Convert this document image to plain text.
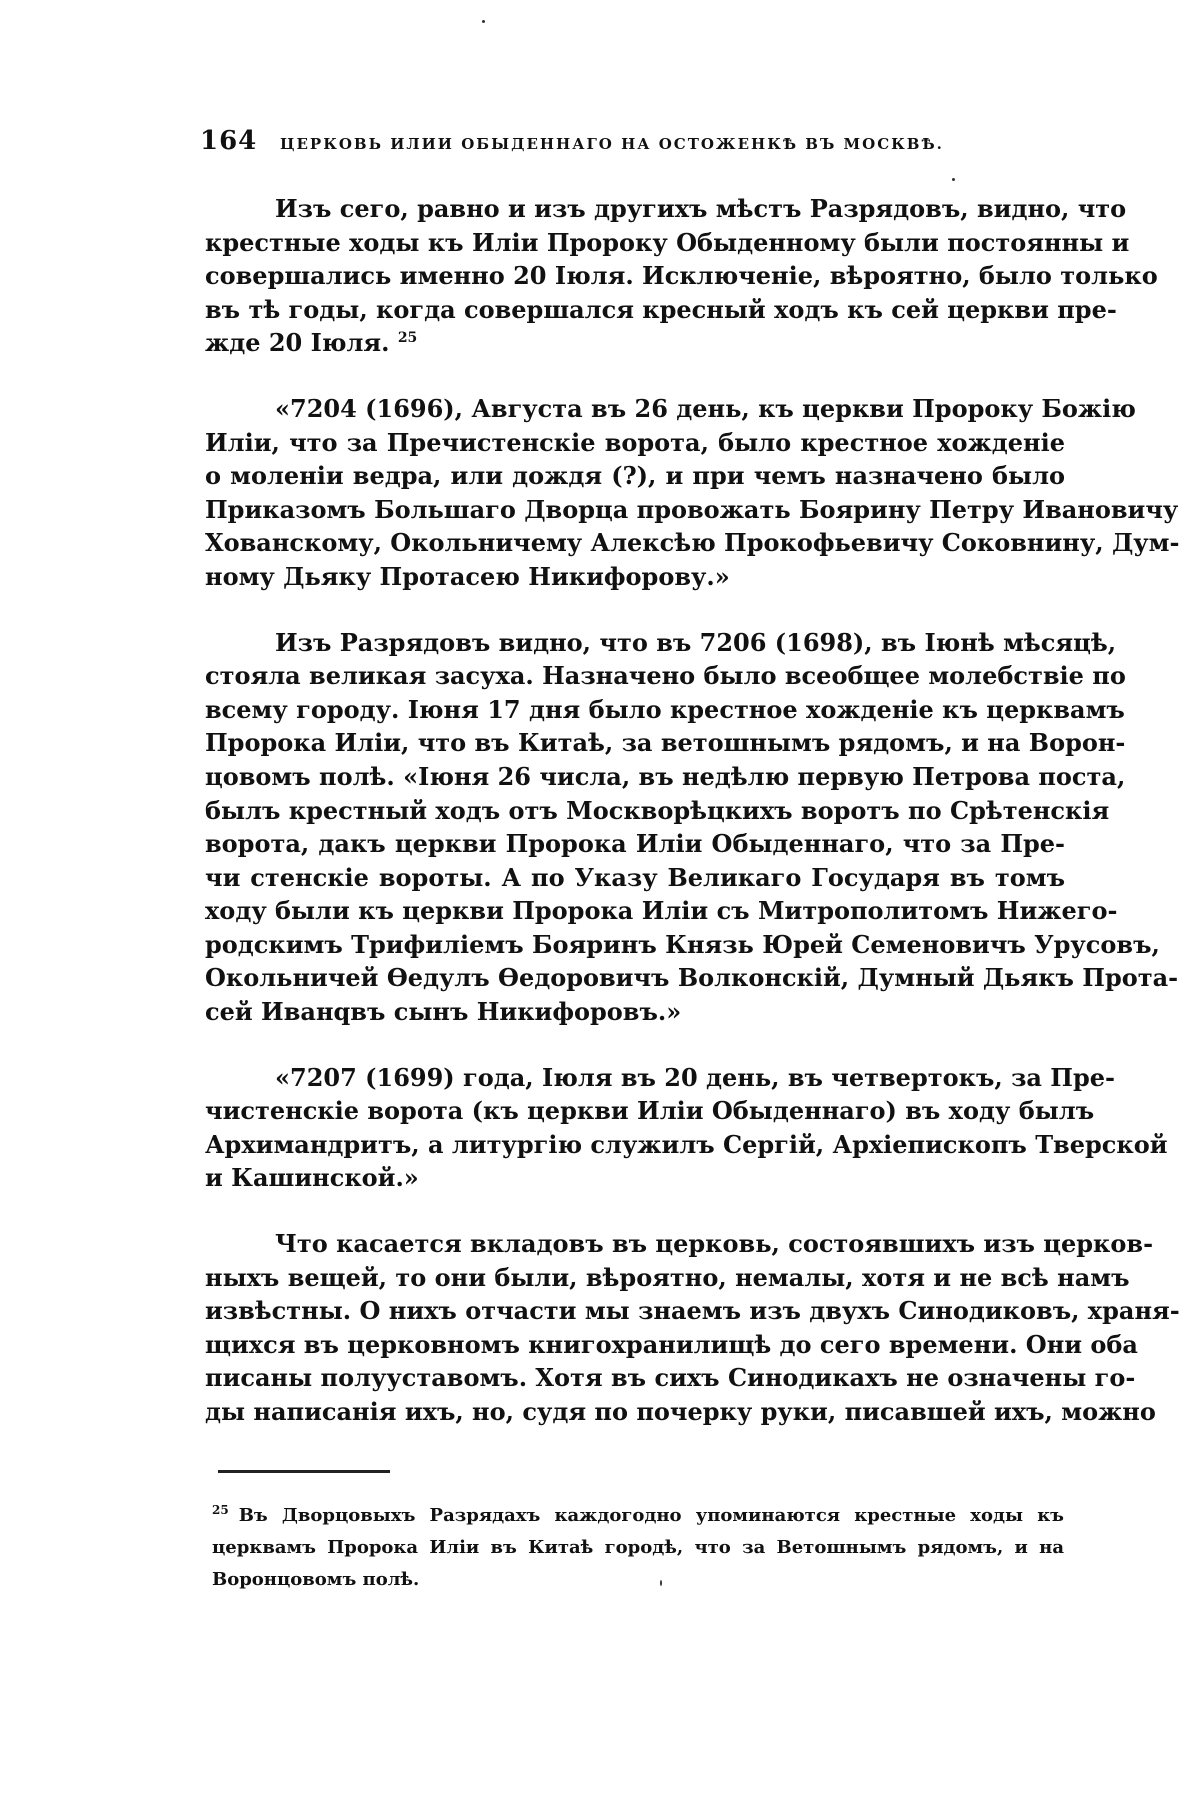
164	ЦЕРКОВЬ ИЛИИ ОБЫДЕННАГО НА ОСТОЖЕНКѢ ВЪ МОСКВѢ.
Изъ сего, равно и изъ другихъ мѣстъ Разрядовъ, видно, что
крестные ходы къ Иліи Пророку Обыденному были постоянны и
совершались именно 20 Іюля. Исключеніе, вѣроятно, было только
въ тѣ годы, когда совершался кресный ходъ къ сей церкви пре-
жде 20 Іюля. $^{25}$
«7204 (1696), Августа въ 26 день, къ церкви Пророку Божію
Иліи, что за Пречистенскіе ворота, было крестное хожденіе
о моленіи ведра, или дождя (?), и при чемъ назначено было
Приказомъ Большаго Дворца провожать Боярину Петру Ивановичу
Хованскому, Окольничему Алексѣю Прокофьевичу Соковнину, Дум-
ному Дьяку Протасею Никифорову.»
Изъ Разрядовъ видно, что въ 7206 (1698), въ Іюнѣ мѣсяцѣ,
стояла великая засуха. Назначено было всеобщее молебствіе по
всему городу. Іюня 17 дня было крестное хожденіе къ церквамъ
Пророка Иліи, что въ Китаѣ, за ветошнымъ рядомъ, и на Ворон-
цовомъ полѣ. «Іюня 26 числа, въ недѣлю первую Петрова поста,
былъ крестный ходъ отъ Москворѣцкихъ воротъ по Срѣтенскія
ворота, дакъ церкви Пророка Иліи Обыденнаго, что за Пре-
чи стенскіе вороты. А по Указу Великаго Государя въ томъ
ходу были къ церкви Пророка Иліи съ Митрополитомъ Нижего-
родскимъ Трифиліемъ Бояринъ Князь Юрей Семеновичъ Урусовъ,
Окольничей Ѳедулъ Ѳедоровичъ Волконскій, Думный Дьякъ Прота-
сей Иванqвъ сынъ Никифоровъ.»
«7207 (1699) года, Іюля въ 20 день, въ четвертокъ, за Пре-
чистенскіе ворота (къ церкви Иліи Обыденнаго) въ ходу былъ
Архимандритъ, а литургію служилъ Сергій, Архіепископъ Тверской
и Кашинской.»
Что касается вкладовъ въ церковь, состоявшихъ изъ церков-
ныхъ вещей, то они были, вѣроятно, немалы, хотя и не всѣ намъ
извѣстны. О нихъ отчасти мы знаемъ изъ двухъ Синодиковъ, храня-
щихся въ церковномъ книгохранилищѣ до сего времени. Они оба
писаны полууставомъ. Хотя въ сихъ Синодикахъ не означены го-
ды написанія ихъ, но, судя по почерку руки, писавшей ихъ, можно
$^{25}$ Въ Дворцовыхъ Разрядахъ каждогодно упоминаются крестные ходы къ
церквамъ Пророка Иліи въ Китаѣ городѣ, что за Ветошнымъ рядомъ, и на
Воронцовомъ полѣ.
